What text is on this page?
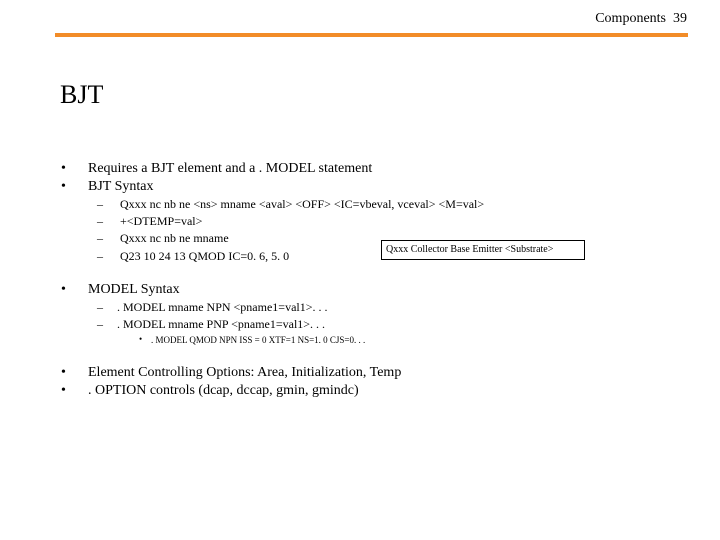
Components 39
BJT
• Requires a BJT element and a . MODEL statement
• BJT Syntax
– Qxxx nc nb ne <ns> mname <aval> <OFF> <IC=vbeval, vceval> <M=val>
– +<DTEMP=val>
– Qxxx nc nb ne mname
– Q23 10 24 13 QMOD IC=0. 6, 5. 0	Qxxx Collector Base Emitter <Substrate>
• MODEL Syntax
– . MODEL mname NPN <pname1=val1>. . .
– . MODEL mname PNP <pname1=val1>. . .
• . MODEL QMOD NPN ISS = 0 XTF=1 NS=1. 0 CJS=0. . .
• Element Controlling Options: Area, Initialization, Temp
• . OPTION controls (dcap, dccap, gmin, gmindc)
